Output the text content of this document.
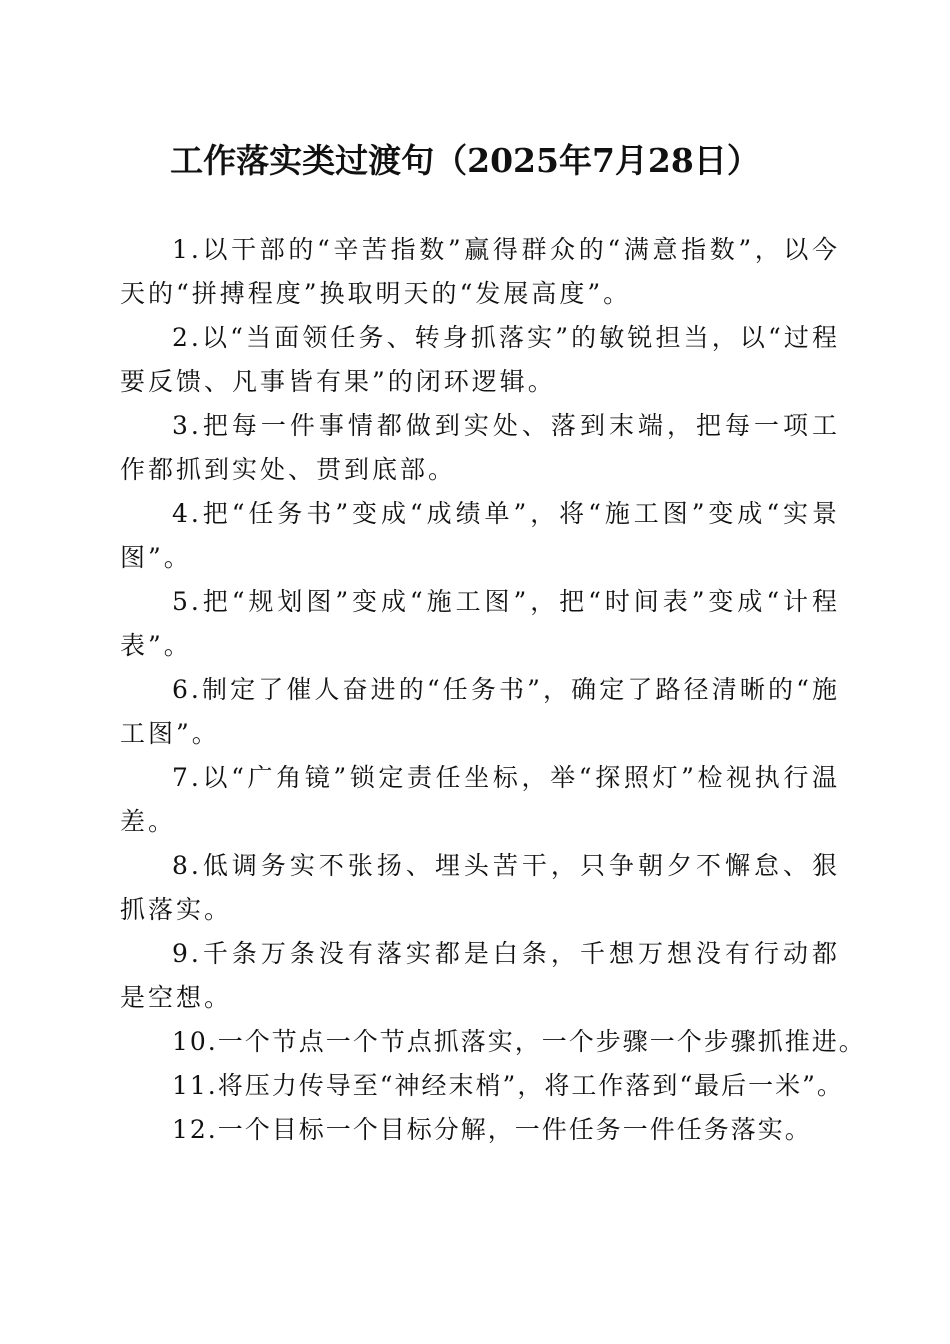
工作落实类过渡句（2025年7月28日）

1.以干部的“辛苦指数”赢得群众的“满意指数”，以今天的“拼搏程度”换取明天的“发展高度”。

2.以“当面领任务、转身抓落实”的敏锐担当，以“过程要反馈、凡事皆有果”的闭环逻辑。

3.把每一件事情都做到实处、落到末端，把每一项工作都抓到实处、贯到底部。

4.把“任务书”变成“成绩单”，将“施工图”变成“实景图”。

5.把“规划图”变成“施工图”，把“时间表”变成“计程表”。

6.制定了催人奋进的“任务书”，确定了路径清晰的“施工图”。

7.以“广角镜”锁定责任坐标，举“探照灯”检视执行温差。

8.低调务实不张扬、埋头苦干，只争朝夕不懈怠、狠抓落实。

9.千条万条没有落实都是白条，千想万想没有行动都是空想。

10.一个节点一个节点抓落实，一个步骤一个步骤抓推进。

11.将压力传导至“神经末梢”，将工作落到“最后一米”。

12.一个目标一个目标分解，一件任务一件任务落实。
